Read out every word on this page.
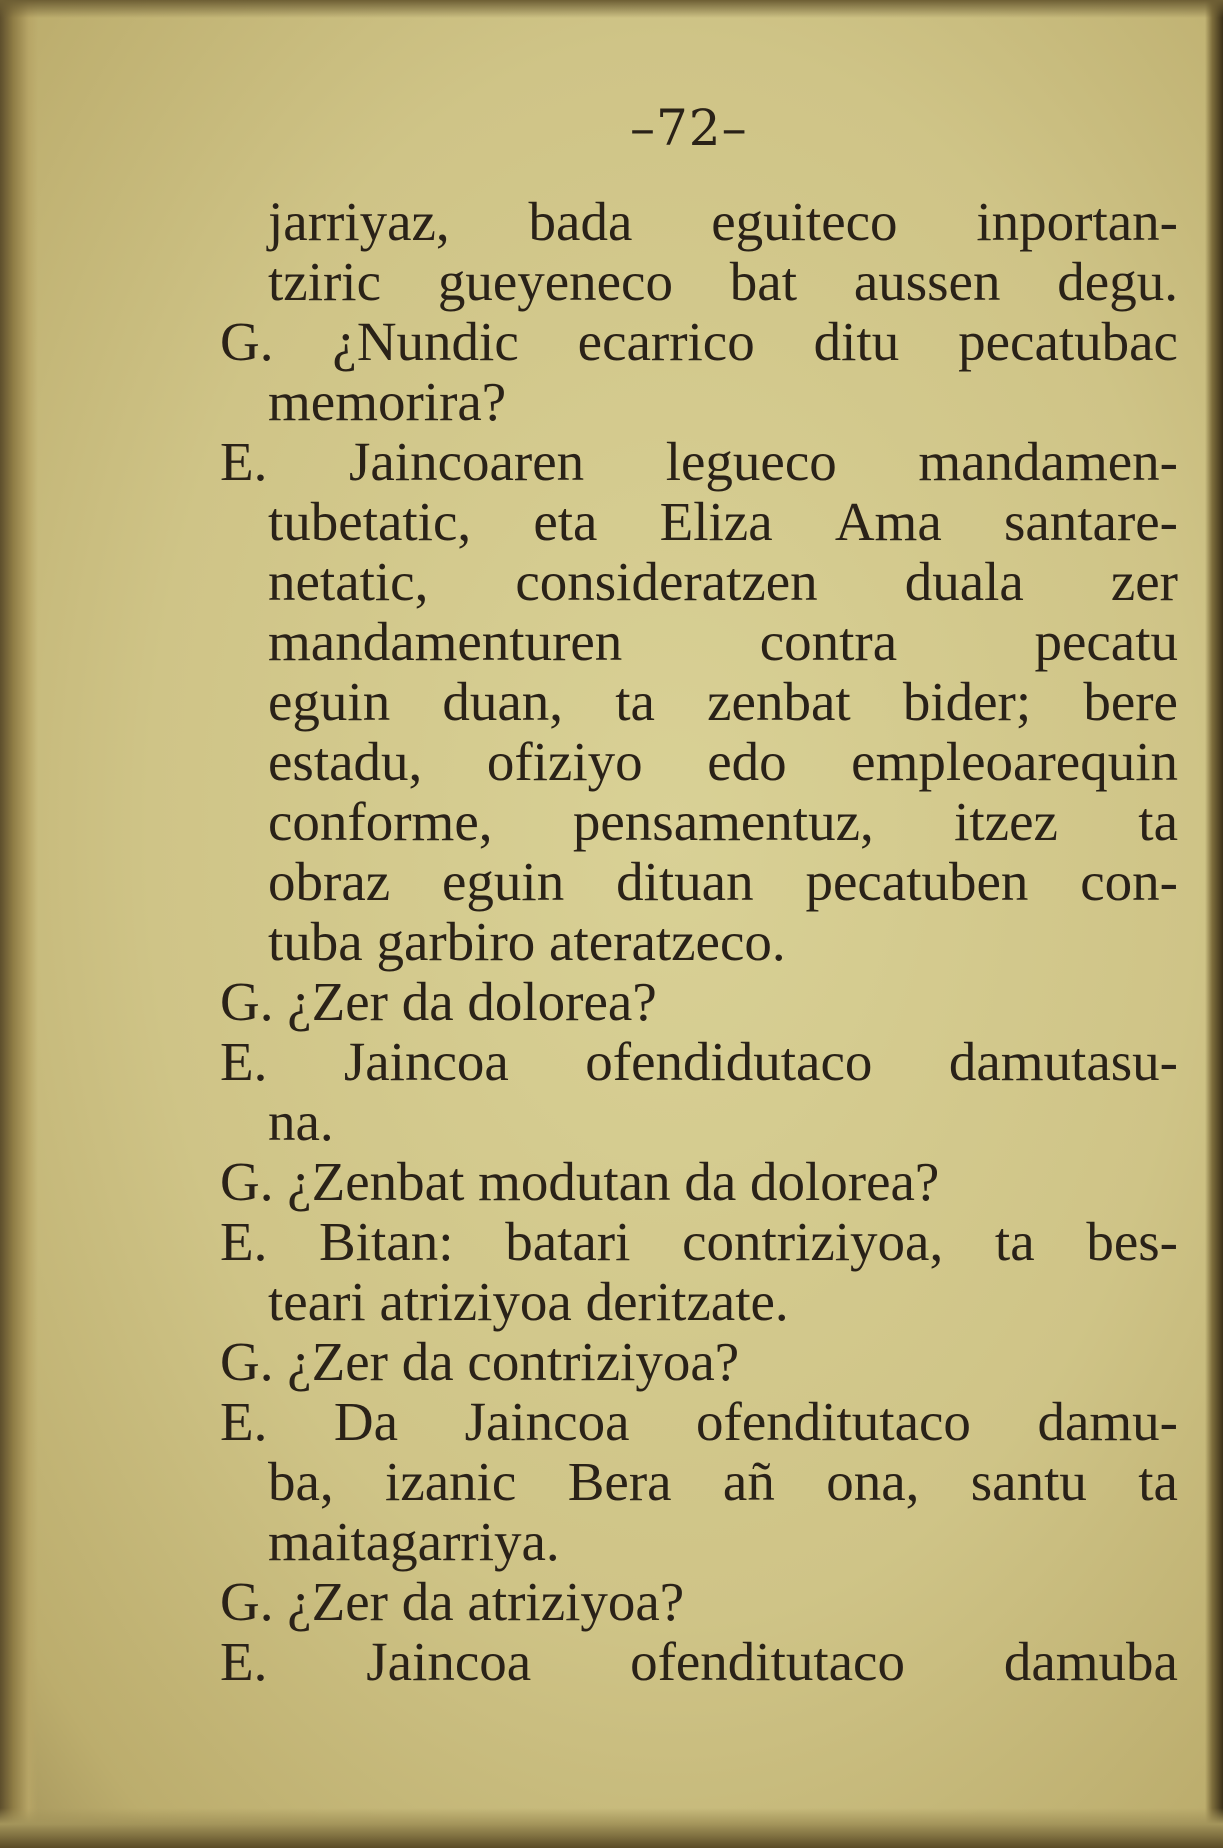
–72–
jarriyaz, bada eguiteco inportan-
tziric gueyeneco bat aussen degu.
G. ¿Nundic ecarrico ditu pecatubac
memorira?
E. Jaincoaren legueco mandamen-
tubetatic, eta Eliza Ama santare-
netatic, consideratzen duala zer
mandamenturen contra pecatu
eguin duan, ta zenbat bider; bere
estadu, ofiziyo edo empleoarequin
conforme, pensamentuz, itzez ta
obraz eguin dituan pecatuben con-
tuba garbiro ateratzeco.
G. ¿Zer da dolorea?
E. Jaincoa ofendidutaco damutasu-
na.
G. ¿Zenbat modutan da dolorea?
E. Bitan: batari contriziyoa, ta bes-
teari atriziyoa deritzate.
G. ¿Zer da contriziyoa?
E. Da Jaincoa ofenditutaco damu-
ba, izanic Bera añ ona, santu ta
maitagarriya.
G. ¿Zer da atriziyoa?
E. Jaincoa ofenditutaco damuba
